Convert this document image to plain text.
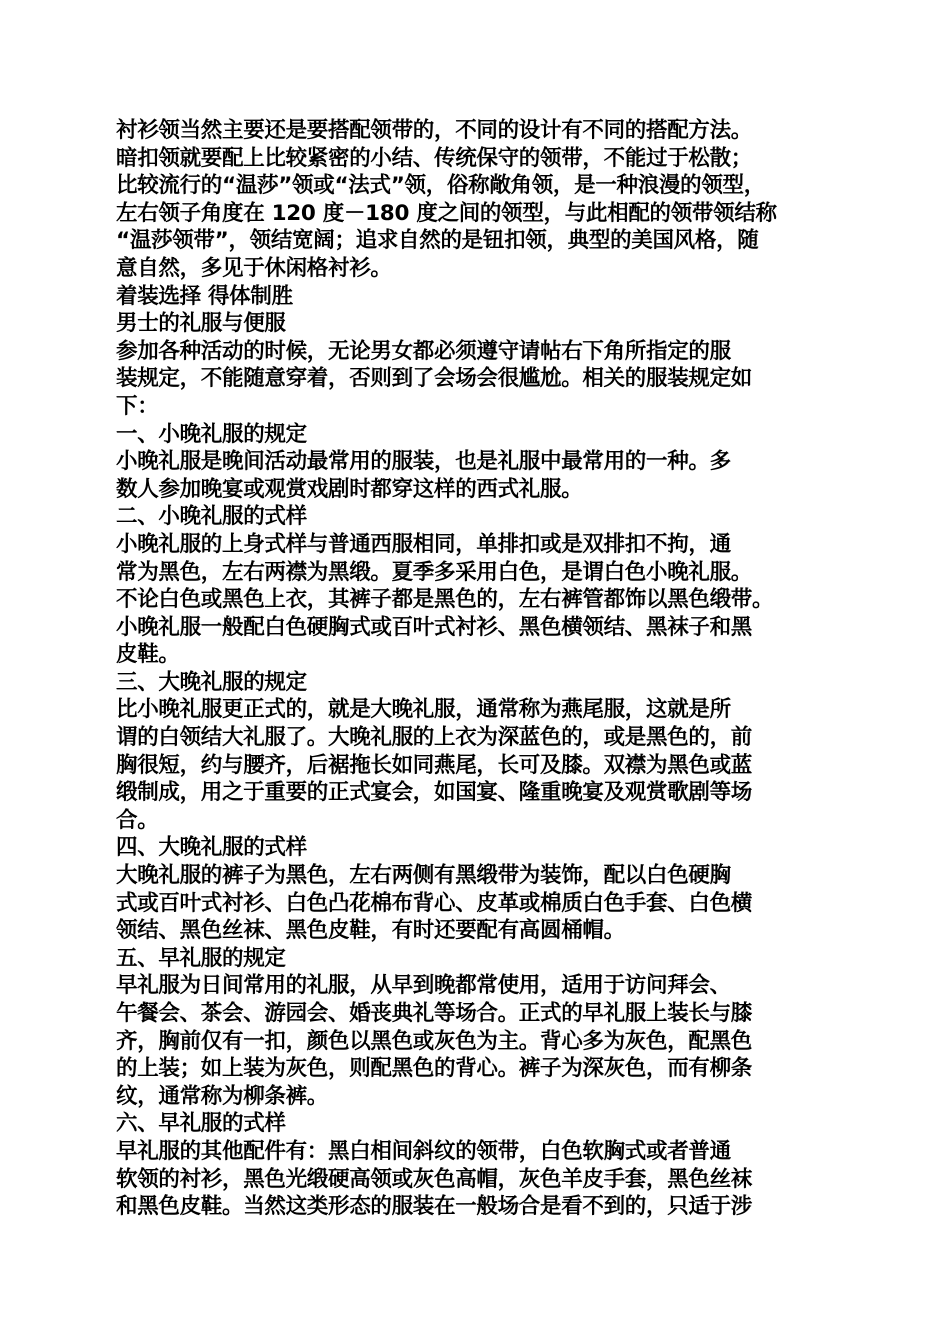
衬衫领当然主要还是要搭配领带的，不同的设计有不同的搭配方法。
暗扣领就要配上比较紧密的小结、传统保守的领带，不能过于松散；
比较流行的“温莎”领或“法式”领，俗称敞角领，是一种浪漫的领型，
左右领子角度在 120 度－180 度之间的领型，与此相配的领带领结称
“温莎领带”，领结宽阔；追求自然的是钮扣领，典型的美国风格，随
意自然，多见于休闲格衬衫。
着装选择 得体制胜
男士的礼服与便服
参加各种活动的时候，无论男女都必须遵守请帖右下角所指定的服
装规定，不能随意穿着，否则到了会场会很尴尬。相关的服装规定如
下：
一、小晚礼服的规定
小晚礼服是晚间活动最常用的服装，也是礼服中最常用的一种。多
数人参加晚宴或观赏戏剧时都穿这样的西式礼服。
二、小晚礼服的式样
小晚礼服的上身式样与普通西服相同，单排扣或是双排扣不拘，通
常为黑色，左右两襟为黑缎。夏季多采用白色，是谓白色小晚礼服。
不论白色或黑色上衣，其裤子都是黑色的，左右裤管都饰以黑色缎带。
小晚礼服一般配白色硬胸式或百叶式衬衫、黑色横领结、黑袜子和黑
皮鞋。
三、大晚礼服的规定
比小晚礼服更正式的，就是大晚礼服，通常称为燕尾服，这就是所
谓的白领结大礼服了。大晚礼服的上衣为深蓝色的，或是黑色的，前
胸很短，约与腰齐，后裾拖长如同燕尾，长可及膝。双襟为黑色或蓝
缎制成，用之于重要的正式宴会，如国宴、隆重晚宴及观赏歌剧等场
合。
四、大晚礼服的式样
大晚礼服的裤子为黑色，左右两侧有黑缎带为装饰，配以白色硬胸
式或百叶式衬衫、白色凸花棉布背心、皮革或棉质白色手套、白色横
领结、黑色丝袜、黑色皮鞋，有时还要配有高圆桶帽。
五、早礼服的规定
早礼服为日间常用的礼服，从早到晚都常使用，适用于访问拜会、
午餐会、茶会、游园会、婚丧典礼等场合。正式的早礼服上装长与膝
齐，胸前仅有一扣，颜色以黑色或灰色为主。背心多为灰色，配黑色
的上装；如上装为灰色，则配黑色的背心。裤子为深灰色，而有柳条
纹，通常称为柳条裤。
六、早礼服的式样
早礼服的其他配件有：黑白相间斜纹的领带，白色软胸式或者普通
软领的衬衫，黑色光缎硬高领或灰色高帽，灰色羊皮手套，黑色丝袜
和黑色皮鞋。当然这类形态的服装在一般场合是看不到的，只适于涉
